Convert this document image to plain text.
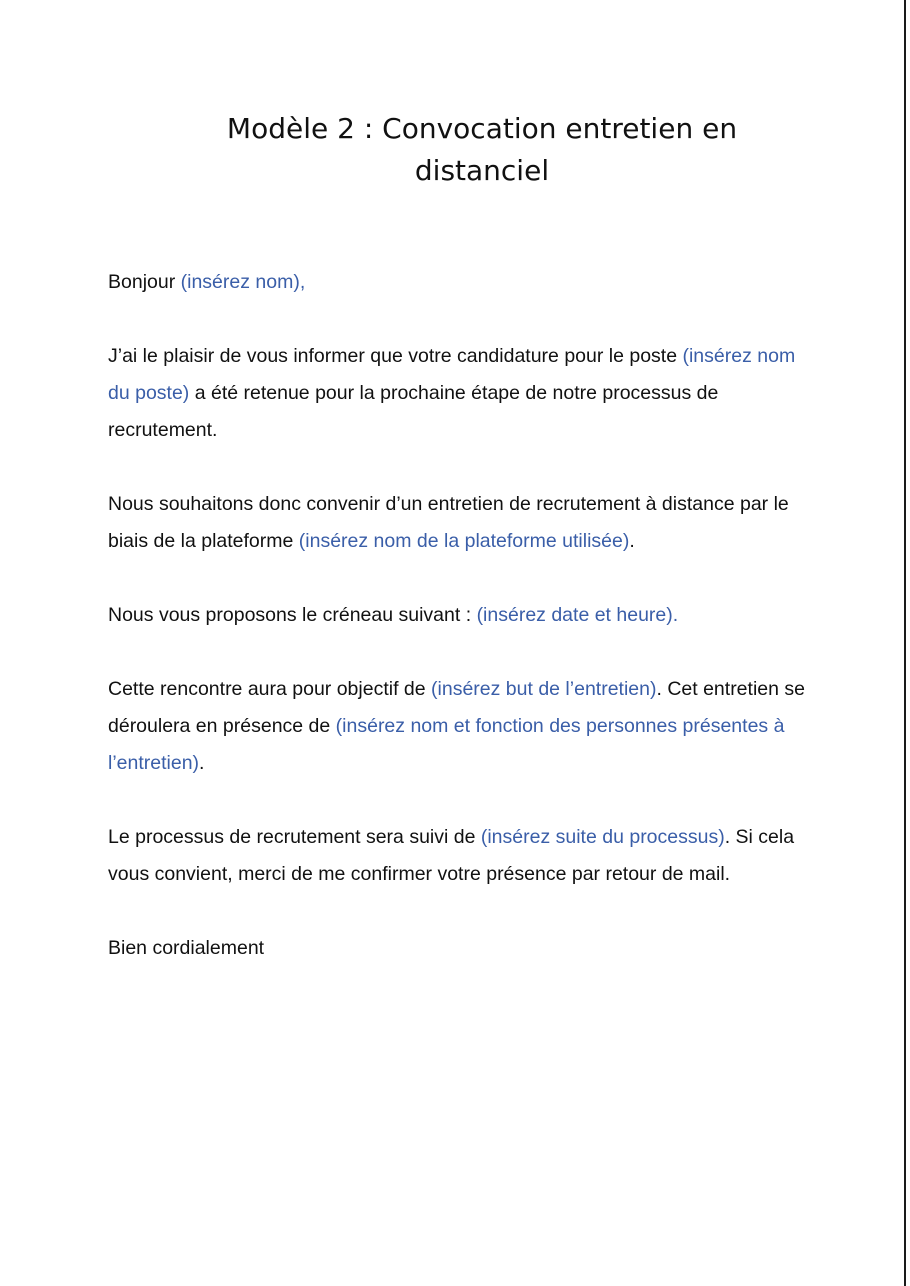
Modèle 2 : Convocation entretien en
distanciel

Bonjour (insérez nom),

J’ai le plaisir de vous informer que votre candidature pour le poste (insérez nom du poste) a été retenue pour la prochaine étape de notre processus de recrutement.

Nous souhaitons donc convenir d’un entretien de recrutement à distance par le biais de la plateforme (insérez nom de la plateforme utilisée).

Nous vous proposons le créneau suivant : (insérez date et heure).

Cette rencontre aura pour objectif de (insérez but de l’entretien). Cet entretien se déroulera en présence de (insérez nom et fonction des personnes présentes à l’entretien).

Le processus de recrutement sera suivi de (insérez suite du processus). Si cela vous convient, merci de me confirmer votre présence par retour de mail.

Bien cordialement
